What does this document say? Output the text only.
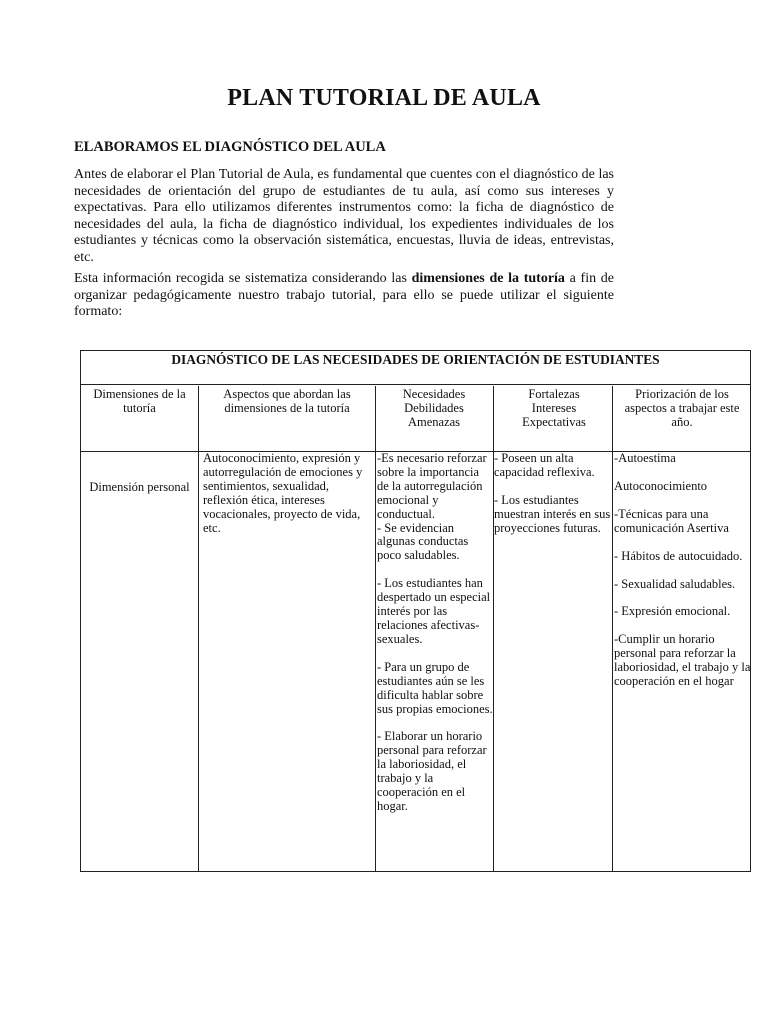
PLAN TUTORIAL DE AULA
ELABORAMOS EL DIAGNÓSTICO DEL AULA
Antes de elaborar el Plan Tutorial de Aula, es fundamental que cuentes con el diagnóstico de las necesidades de orientación del grupo de estudiantes de tu aula, así como sus intereses y expectativas. Para ello utilizamos diferentes instrumentos como: la ficha de diagnóstico de necesidades del aula, la ficha de diagnóstico individual, los expedientes individuales de los estudiantes y técnicas como la observación sistemática, encuestas, lluvia de ideas, entrevistas, etc.
Esta información recogida se sistematiza considerando las dimensiones de la tutoría a fin de organizar pedagógicamente nuestro trabajo tutorial, para ello se puede utilizar el siguiente formato:
DIAGNÓSTICO DE LAS NECESIDADES DE ORIENTACIÓN DE ESTUDIANTES
Dimensiones de la tutoría
Aspectos que abordan las dimensiones de la tutoría
Necesidades Debilidades Amenazas
Fortalezas Intereses Expectativas
Priorización de los aspectos a trabajar este año.
Dimensión personal
Autoconocimiento, expresión y autorregulación de emociones y sentimientos, sexualidad, reflexión ética, intereses vocacionales, proyecto de vida, etc.

-Es necesario reforzar sobre la importancia de la autorregulación emocional y conductual.

- Se evidencian algunas conductas poco saludables.

- Los estudiantes han despertado un especial interés por las relaciones afectivas-sexuales.

- Para un grupo de estudiantes aún se les dificulta hablar sobre sus propias emociones.

- Elaborar un horario personal para reforzar la laboriosidad, el trabajo y la cooperación en el hogar.

- Poseen un alta capacidad reflexiva.

- Los estudiantes muestran interés en sus proyecciones futuras.

-Autoestima

Autoconocimiento

-Técnicas para una comunicación Asertiva

- Hábitos de autocuidado.

- Sexualidad saludables.

- Expresión emocional.

-Cumplir un horario personal para reforzar la laboriosidad, el trabajo y la cooperación en el hogar
